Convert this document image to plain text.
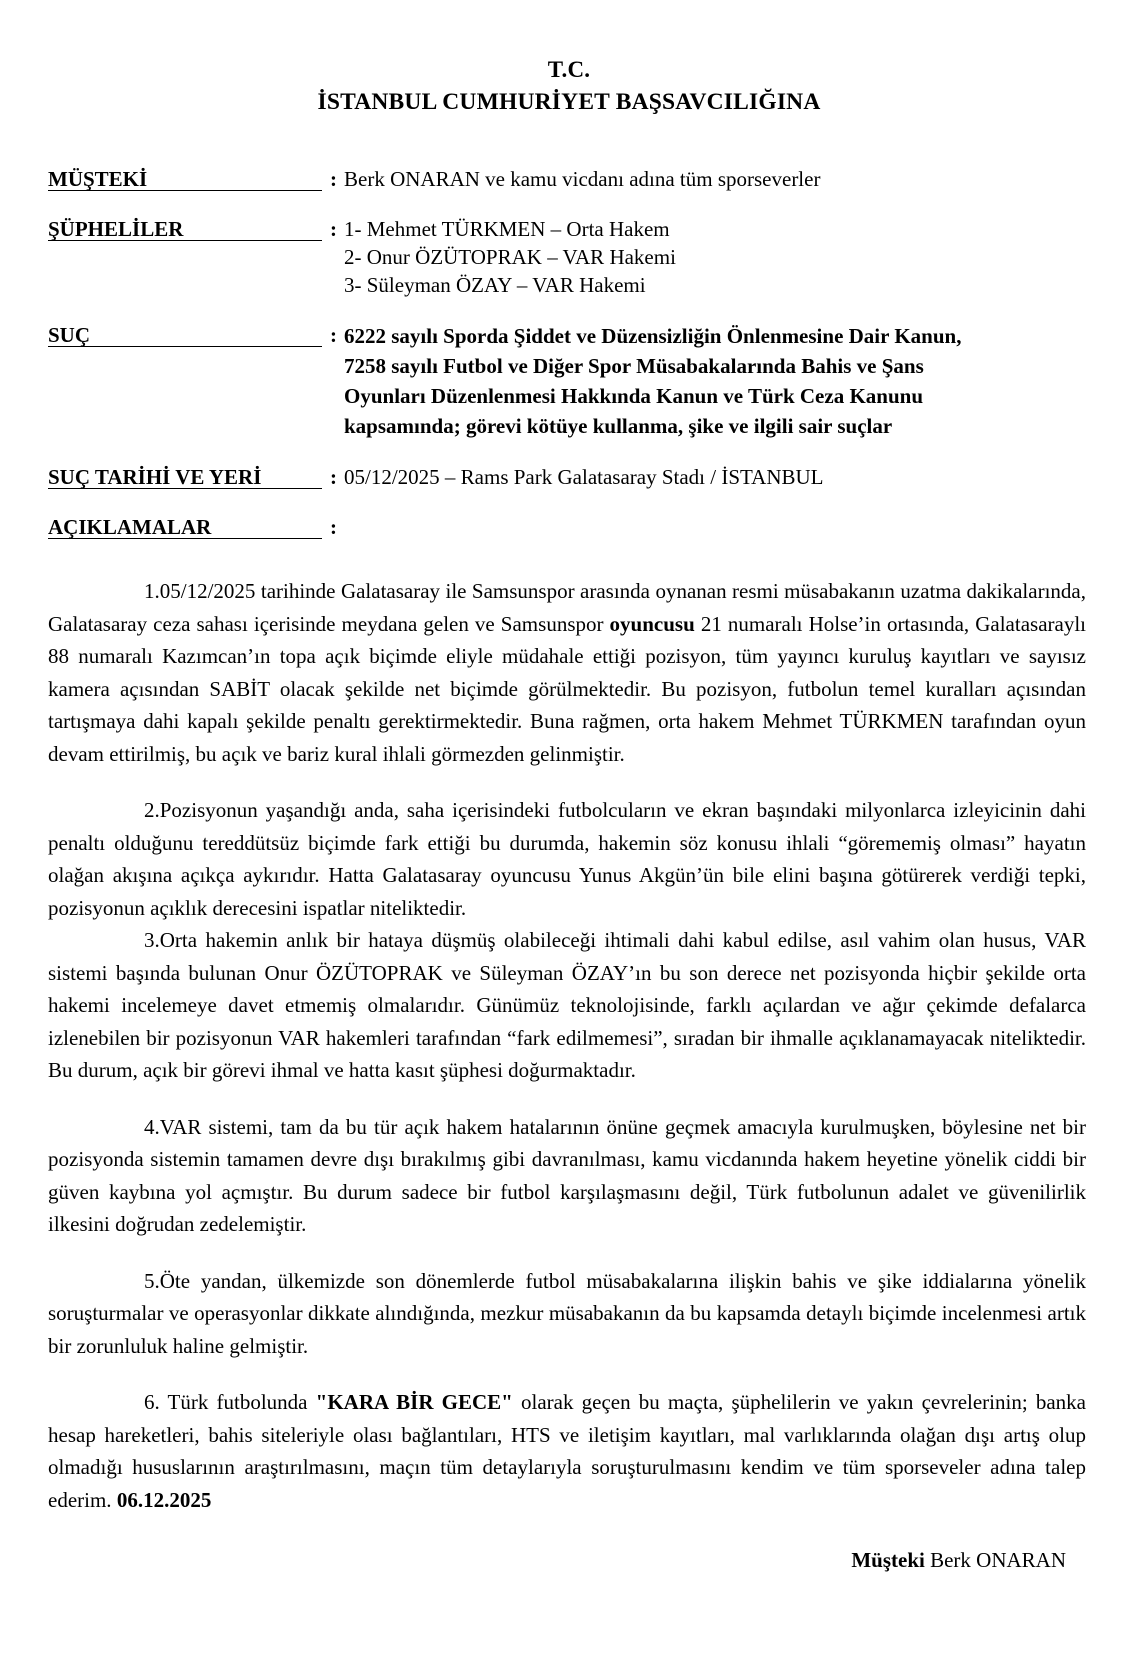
T.C.
İSTANBUL CUMHURİYET BAŞSAVCILIĞINA
MÜŞTEKİ	: Berk ONARAN ve kamu vicdanı adına tüm sporseverler
ŞÜPHELİLER	: 1- Mehmet TÜRKMEN – Orta Hakem
2- Onur ÖZÜTOPRAK – VAR Hakemi
3- Süleyman ÖZAY – VAR Hakemi
SUÇ	: 6222 sayılı Sporda Şiddet ve Düzensizliğin Önlenmesine Dair Kanun,
7258 sayılı Futbol ve Diğer Spor Müsabakalarında Bahis ve Şans
Oyunları Düzenlenmesi Hakkında Kanun ve Türk Ceza Kanunu
kapsamında; görevi kötüye kullanma, şike ve ilgili sair suçlar
SUÇ TARİHİ VE YERİ	: 05/12/2025 – Rams Park Galatasaray Stadı / İSTANBUL
AÇIKLAMALAR	:

1.05/12/2025 tarihinde Galatasaray ile Samsunspor arasında oynanan resmi müsabakanın uzatma dakikalarında, Galatasaray ceza sahası içerisinde meydana gelen ve Samsunspor oyuncusu 21 numaralı Holse’in ortasında, Galatasaraylı 88 numaralı Kazımcan’ın topa açık biçimde eliyle müdahale ettiği pozisyon, tüm yayıncı kuruluş kayıtları ve sayısız kamera açısından SABİT olacak şekilde net biçimde görülmektedir. Bu pozisyon, futbolun temel kuralları açısından tartışmaya dahi kapalı şekilde penaltı gerektirmektedir. Buna rağmen, orta hakem Mehmet TÜRKMEN tarafından oyun devam ettirilmiş, bu açık ve bariz kural ihlali görmezden gelinmiştir.

2.Pozisyonun yaşandığı anda, saha içerisindeki futbolcuların ve ekran başındaki milyonlarca izleyicinin dahi penaltı olduğunu tereddütsüz biçimde fark ettiği bu durumda, hakemin söz konusu ihlali “görememiş olması” hayatın olağan akışına açıkça aykırıdır. Hatta Galatasaray oyuncusu Yunus Akgün’ün bile elini başına götürerek verdiği tepki, pozisyonun açıklık derecesini ispatlar niteliktedir.

3.Orta hakemin anlık bir hataya düşmüş olabileceği ihtimali dahi kabul edilse, asıl vahim olan husus, VAR sistemi başında bulunan Onur ÖZÜTOPRAK ve Süleyman ÖZAY’ın bu son derece net pozisyonda hiçbir şekilde orta hakemi incelemeye davet etmemiş olmalarıdır. Günümüz teknolojisinde, farklı açılardan ve ağır çekimde defalarca izlenebilen bir pozisyonun VAR hakemleri tarafından “fark edilmemesi”, sıradan bir ihmalle açıklanamayacak niteliktedir. Bu durum, açık bir görevi ihmal ve hatta kasıt şüphesi doğurmaktadır.

4.VAR sistemi, tam da bu tür açık hakem hatalarının önüne geçmek amacıyla kurulmuşken, böylesine net bir pozisyonda sistemin tamamen devre dışı bırakılmış gibi davranılması, kamu vicdanında hakem heyetine yönelik ciddi bir güven kaybına yol açmıştır. Bu durum sadece bir futbol karşılaşmasını değil, Türk futbolunun adalet ve güvenilirlik ilkesini doğrudan zedelemiştir.

5.Öte yandan, ülkemizde son dönemlerde futbol müsabakalarına ilişkin bahis ve şike iddialarına yönelik soruşturmalar ve operasyonlar dikkate alındığında, mezkur müsabakanın da bu kapsamda detaylı biçimde incelenmesi artık bir zorunluluk haline gelmiştir.

6. Türk futbolunda "KARA BİR GECE" olarak geçen bu maçta, şüphelilerin ve yakın çevrelerinin; banka hesap hareketleri, bahis siteleriyle olası bağlantıları, HTS ve iletişim kayıtları, mal varlıklarında olağan dışı artış olup olmadığı hususlarının araştırılmasını, maçın tüm detaylarıyla soruşturulmasını kendim ve tüm sporseveler adına talep ederim. 06.12.2025

Müşteki Berk ONARAN
